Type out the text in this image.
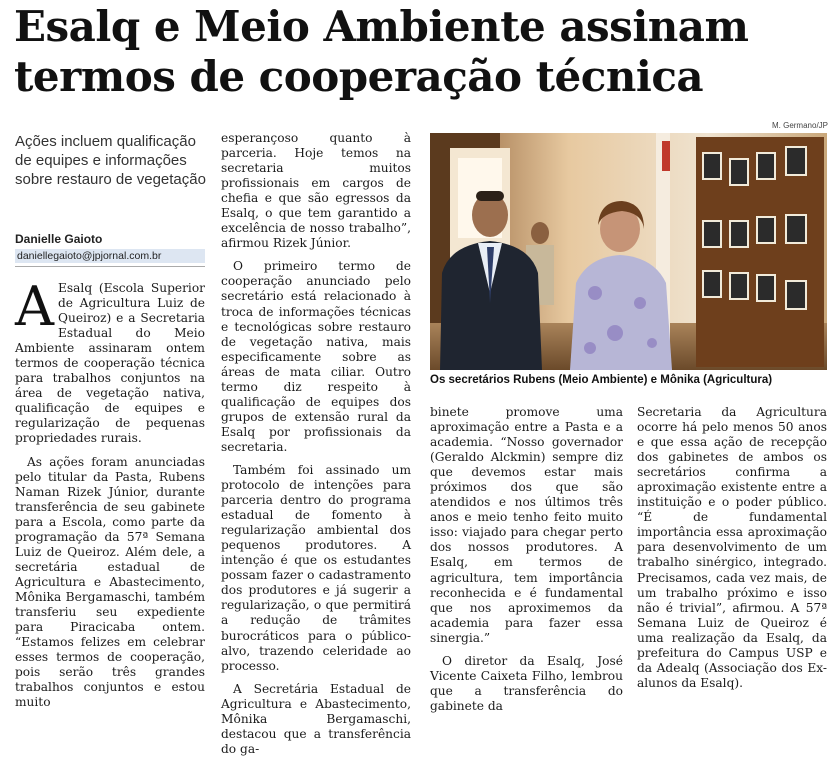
Esalq e Meio Ambiente assinam
termos de cooperação técnica
Ações incluem qualificação de equipes e informações sobre restauro de vegetação
Danielle Gaioto
daniellegaioto@jpjornal.com.br

A Esalq (Escola Superior de Agricultura Luiz de Queiroz) e a Secretaria Estadual do Meio Ambiente assinaram ontem termos de cooperação técnica para trabalhos conjuntos na área de vegetação nativa, qualificação de equipes e regularização de pequenas propriedades rurais.

As ações foram anunciadas pelo titular da Pasta, Rubens Naman Rizek Júnior, durante transferência de seu gabinete para a Escola, como parte da programação da 57ª Semana Luiz de Queiroz. Além dele, a secretária estadual de Agricultura e Abastecimento, Mônika Bergamaschi, também transferiu seu expediente para Piracicaba ontem. “Estamos felizes em celebrar esses termos de cooperação, pois serão três grandes trabalhos conjuntos e estou muito

esperançoso quanto à parceria. Hoje temos na secretaria muitos profissionais em cargos de chefia e que são egressos da Esalq, o que tem garantido a excelência de nosso trabalho”, afirmou Rizek Júnior.

O primeiro termo de cooperação anunciado pelo secretário está relacionado à troca de informações técnicas e tecnológicas sobre restauro de vegetação nativa, mais especificamente sobre as áreas de mata ciliar. Outro termo diz respeito à qualificação de equipes dos grupos de extensão rural da Esalq por profissionais da secretaria.

Também foi assinado um protocolo de intenções para parceria dentro do programa estadual de fomento à regularização ambiental dos pequenos produtores. A intenção é que os estudantes possam fazer o cadastramento dos produtores e já sugerir a regularização, o que permitirá a redução de trâmites burocráticos para o público-alvo, trazendo celeridade ao processo.

A Secretária Estadual de Agricultura e Abastecimento, Mônika Bergamaschi, destacou que a transferência do ga-

M. Germano/JP
Os secretários Rubens (Meio Ambiente) e Mônika (Agricultura)

binete promove uma aproximação entre a Pasta e a academia. “Nosso governador (Geraldo Alckmin) sempre diz que devemos estar mais próximos dos que são atendidos e nos últimos três anos e meio tenho feito muito isso: viajado para chegar perto dos nossos produtores. A Esalq, em termos de agricultura, tem importância reconhecida e é fundamental que nos aproximemos da academia para fazer essa sinergia.”

O diretor da Esalq, José Vicente Caixeta Filho, lembrou que a transferência do gabinete da

Secretaria da Agricultura ocorre há pelo menos 50 anos e que essa ação de recepção dos gabinetes de ambos os secretários confirma a aproximação existente entre a instituição e o poder público. “É de fundamental importância essa aproximação para desenvolvimento de um trabalho sinérgico, integrado. Precisamos, cada vez mais, de um trabalho próximo e isso não é trivial”, afirmou. A 57ª Semana Luiz de Queiroz é uma realização da Esalq, da prefeitura do Campus USP e da Adealq (Associação dos Ex-alunos da Esalq).
